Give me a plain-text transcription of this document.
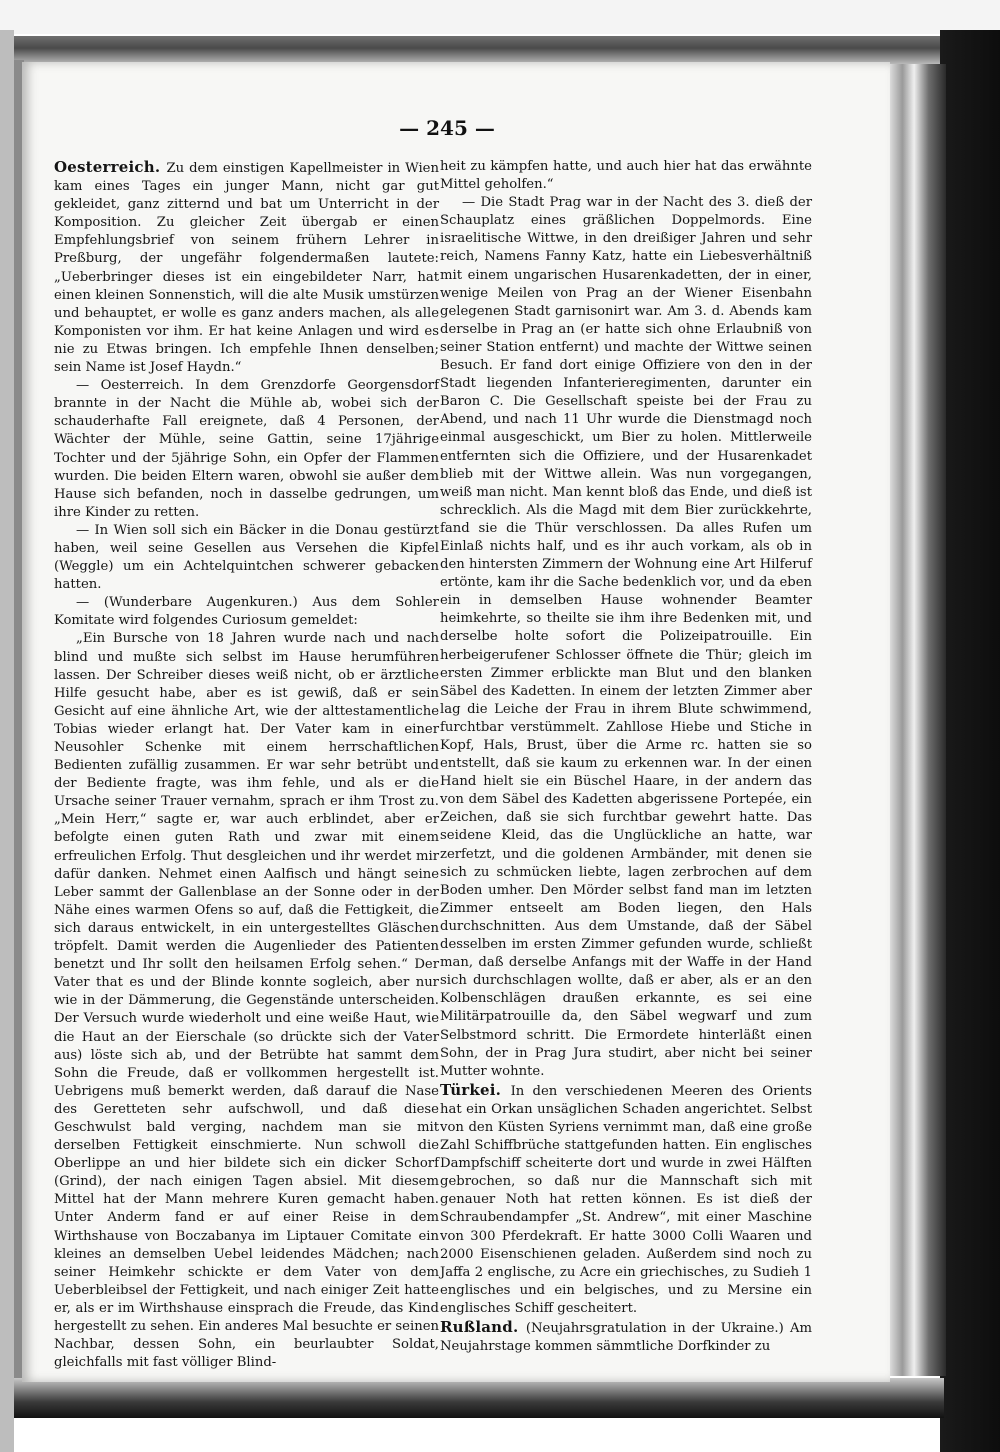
— 245 —

Oesterreich. Zu dem einstigen Kapellmeister in Wien kam eines Tages ein junger Mann, nicht gar gut gekleidet, ganz zitternd und bat um Unterricht in der Komposition. Zu gleicher Zeit übergab er einen Empfehlungsbrief von seinem frühern Lehrer in Preßburg, der ungefähr folgendermaßen lautete: „Ueberbringer dieses ist ein eingebildeter Narr, hat einen kleinen Sonnenstich, will die alte Musik umstürzen und behauptet, er wolle es ganz anders machen, als alle Komponisten vor ihm. Er hat keine Anlagen und wird es nie zu Etwas bringen. Ich empfehle Ihnen denselben; sein Name ist Josef Haydn.“

— Oesterreich. In dem Grenzdorfe Georgensdorf brannte in der Nacht die Mühle ab, wobei sich der schauderhafte Fall ereignete, daß 4 Personen, der Wächter der Mühle, seine Gattin, seine 17jährige Tochter und der 5jährige Sohn, ein Opfer der Flammen wurden. Die beiden Eltern waren, obwohl sie außer dem Hause sich befanden, noch in dasselbe gedrungen, um ihre Kinder zu retten.

— In Wien soll sich ein Bäcker in die Donau gestürzt haben, weil seine Gesellen aus Versehen die Kipfel (Weggle) um ein Achtelquintchen schwerer gebacken hatten.

— (Wunderbare Augenkuren.) Aus dem Sohler Komitate wird folgendes Curiosum gemeldet:

„Ein Bursche von 18 Jahren wurde nach und nach blind und mußte sich selbst im Hause herumführen lassen. Der Schreiber dieses weiß nicht, ob er ärztliche Hilfe gesucht habe, aber es ist gewiß, daß er sein Gesicht auf eine ähnliche Art, wie der alttestamentliche Tobias wieder erlangt hat. Der Vater kam in einer Neusohler Schenke mit einem herrschaftlichen Bedienten zufällig zusammen. Er war sehr betrübt und der Bediente fragte, was ihm fehle, und als er die Ursache seiner Trauer vernahm, sprach er ihm Trost zu. „Mein Herr,“ sagte er, war auch erblindet, aber er befolgte einen guten Rath und zwar mit einem erfreulichen Erfolg. Thut desgleichen und ihr werdet mir dafür danken. Nehmet einen Aalfisch und hängt seine Leber sammt der Gallenblase an der Sonne oder in der Nähe eines warmen Ofens so auf, daß die Fettigkeit, die sich daraus entwickelt, in ein untergestelltes Gläschen tröpfelt. Damit werden die Augenlieder des Patienten benetzt und Ihr sollt den heilsamen Erfolg sehen.“ Der Vater that es und der Blinde konnte sogleich, aber nur wie in der Dämmerung, die Gegenstände unterscheiden. Der Versuch wurde wiederholt und eine weiße Haut, wie die Haut an der Eierschale (so drückte sich der Vater aus) löste sich ab, und der Betrübte hat sammt dem Sohn die Freude, daß er vollkommen hergestellt ist. Uebrigens muß bemerkt werden, daß darauf die Nase des Geretteten sehr aufschwoll, und daß diese Geschwulst bald verging, nachdem man sie mit derselben Fettigkeit einschmierte. Nun schwoll die Oberlippe an und hier bildete sich ein dicker Schorf (Grind), der nach einigen Tagen absiel. Mit diesem Mittel hat der Mann mehrere Kuren gemacht haben. Unter Anderm fand er auf einer Reise in dem Wirthshause von Boczabanya im Liptauer Comitate ein kleines an demselben Uebel leidendes Mädchen; nach seiner Heimkehr schickte er dem Vater von dem Ueberbleibsel der Fettigkeit, und nach einiger Zeit hatte er, als er im Wirthshause einsprach die Freude, das Kind hergestellt zu sehen. Ein anderes Mal besuchte er seinen Nachbar, dessen Sohn, ein beurlaubter Soldat, gleichfalls mit fast völliger Blind-

heit zu kämpfen hatte, und auch hier hat das erwähnte Mittel geholfen.“

— Die Stadt Prag war in der Nacht des 3. dieß der Schauplatz eines gräßlichen Doppelmords. Eine israelitische Wittwe, in den dreißiger Jahren und sehr reich, Namens Fanny Katz, hatte ein Liebesverhältniß mit einem ungarischen Husarenkadetten, der in einer, wenige Meilen von Prag an der Wiener Eisenbahn gelegenen Stadt garnisonirt war. Am 3. d. Abends kam derselbe in Prag an (er hatte sich ohne Erlaubniß von seiner Station entfernt) und machte der Wittwe seinen Besuch. Er fand dort einige Offiziere von den in der Stadt liegenden Infanterieregimenten, darunter ein Baron C. Die Gesellschaft speiste bei der Frau zu Abend, und nach 11 Uhr wurde die Dienstmagd noch einmal ausgeschickt, um Bier zu holen. Mittlerweile entfernten sich die Offiziere, und der Husarenkadet blieb mit der Wittwe allein. Was nun vorgegangen, weiß man nicht. Man kennt bloß das Ende, und dieß ist schrecklich. Als die Magd mit dem Bier zurückkehrte, fand sie die Thür verschlossen. Da alles Rufen um Einlaß nichts half, und es ihr auch vorkam, als ob in den hintersten Zimmern der Wohnung eine Art Hilferuf ertönte, kam ihr die Sache bedenklich vor, und da eben ein in demselben Hause wohnender Beamter heimkehrte, so theilte sie ihm ihre Bedenken mit, und derselbe holte sofort die Polizeipatrouille. Ein herbeigerufener Schlosser öffnete die Thür; gleich im ersten Zimmer erblickte man Blut und den blanken Säbel des Kadetten. In einem der letzten Zimmer aber lag die Leiche der Frau in ihrem Blute schwimmend, furchtbar verstümmelt. Zahllose Hiebe und Stiche in Kopf, Hals, Brust, über die Arme rc. hatten sie so entstellt, daß sie kaum zu erkennen war. In der einen Hand hielt sie ein Büschel Haare, in der andern das von dem Säbel des Kadetten abgerissene Portepée, ein Zeichen, daß sie sich furchtbar gewehrt hatte. Das seidene Kleid, das die Unglückliche an hatte, war zerfetzt, und die goldenen Armbänder, mit denen sie sich zu schmücken liebte, lagen zerbrochen auf dem Boden umher. Den Mörder selbst fand man im letzten Zimmer entseelt am Boden liegen, den Hals durchschnitten. Aus dem Umstande, daß der Säbel desselben im ersten Zimmer gefunden wurde, schließt man, daß derselbe Anfangs mit der Waffe in der Hand sich durchschlagen wollte, daß er aber, als er an den Kolbenschlägen draußen erkannte, es sei eine Militärpatrouille da, den Säbel wegwarf und zum Selbstmord schritt. Die Ermordete hinterläßt einen Sohn, der in Prag Jura studirt, aber nicht bei seiner Mutter wohnte.

Türkei. In den verschiedenen Meeren des Orients hat ein Orkan unsäglichen Schaden angerichtet. Selbst von den Küsten Syriens vernimmt man, daß eine große Zahl Schiffbrüche stattgefunden hatten. Ein englisches Dampfschiff scheiterte dort und wurde in zwei Hälften gebrochen, so daß nur die Mannschaft sich mit genauer Noth hat retten können. Es ist dieß der Schraubendampfer „St. Andrew“, mit einer Maschine von 300 Pferdekraft. Er hatte 3000 Colli Waaren und 2000 Eisenschienen geladen. Außerdem sind noch zu Jaffa 2 englische, zu Acre ein griechisches, zu Sudieh 1 englisches und ein belgisches, und zu Mersine ein englisches Schiff gescheitert.

Rußland. (Neujahrsgratulation in der Ukraine.) Am Neujahrstage kommen sämmtliche Dorfkinder zu
